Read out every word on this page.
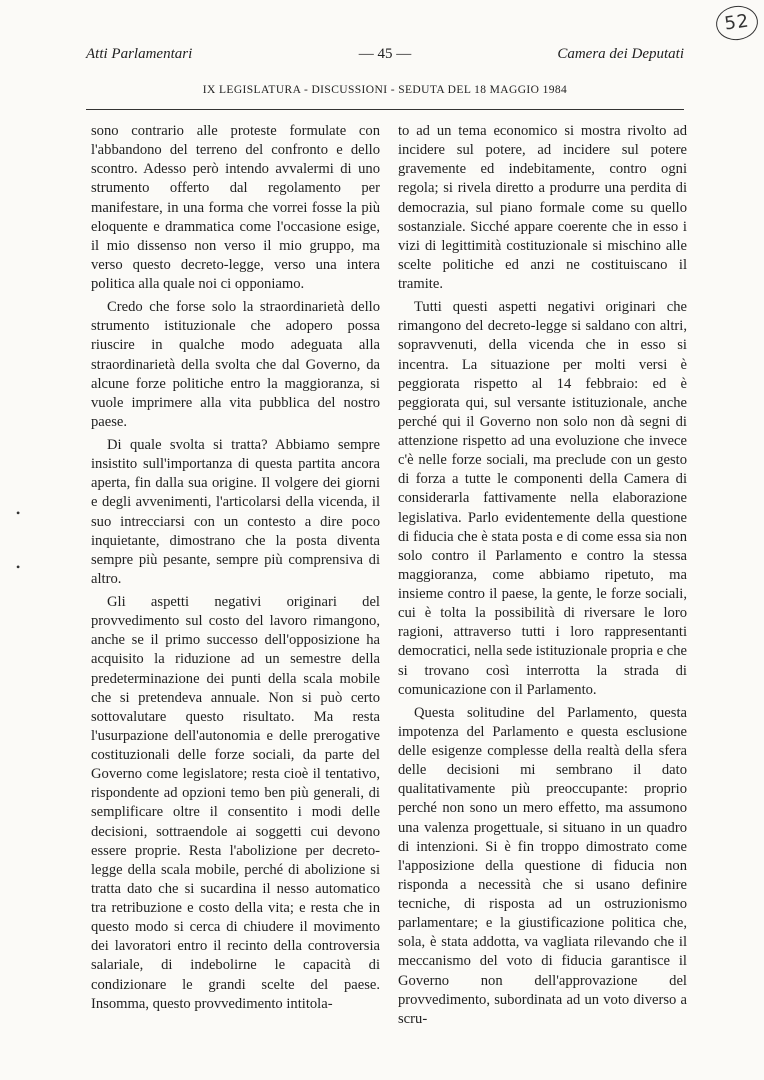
52
Atti Parlamentari	— 45 —	Camera dei Deputati
IX LEGISLATURA - DISCUSSIONI - SEDUTA DEL 18 MAGGIO 1984

sono contrario alle proteste formulate con l'abbandono del terreno del confronto e dello scontro. Adesso però intendo avvalermi di uno strumento offerto dal regolamento per manifestare, in una forma che vorrei fosse la più eloquente e drammatica come l'occasione esige, il mio dissenso non verso il mio gruppo, ma verso questo decreto-legge, verso una intera politica alla quale noi ci opponiamo.

Credo che forse solo la straordinarietà dello strumento istituzionale che adopero possa riuscire in qualche modo adeguata alla straordinarietà della svolta che dal Governo, da alcune forze politiche entro la maggioranza, si vuole imprimere alla vita pubblica del nostro paese.

Di quale svolta si tratta? Abbiamo sempre insistito sull'importanza di questa partita ancora aperta, fin dalla sua origine. Il volgere dei giorni e degli avvenimenti, l'articolarsi della vicenda, il suo intrecciarsi con un contesto a dire poco inquietante, dimostrano che la posta diventa sempre più pesante, sempre più comprensiva di altro.

Gli aspetti negativi originari del provvedimento sul costo del lavoro rimangono, anche se il primo successo dell'opposizione ha acquisito la riduzione ad un semestre della predeterminazione dei punti della scala mobile che si pretendeva annuale. Non si può certo sottovalutare questo risultato. Ma resta l'usurpazione dell'autonomia e delle prerogative costituzionali delle forze sociali, da parte del Governo come legislatore; resta cioè il tentativo, rispondente ad opzioni temo ben più generali, di semplificare oltre il consentito i modi delle decisioni, sottraendole ai soggetti cui devono essere proprie. Resta l'abolizione per decreto-legge della scala mobile, perché di abolizione si tratta dato che si sucardina il nesso automatico tra retribuzione e costo della vita; e resta che in questo modo si cerca di chiudere il movimento dei lavoratori entro il recinto della controversia salariale, di indebolirne le capacità di condizionare le grandi scelte del paese. Insomma, questo provvedimento intitola-

to ad un tema economico si mostra rivolto ad incidere sul potere, ad incidere sul potere gravemente ed indebitamente, contro ogni regola; si rivela diretto a produrre una perdita di democrazia, sul piano formale come su quello sostanziale. Sicché appare coerente che in esso i vizi di legittimità costituzionale si mischino alle scelte politiche ed anzi ne costituiscano il tramite.

Tutti questi aspetti negativi originari che rimangono del decreto-legge si saldano con altri, sopravvenuti, della vicenda che in esso si incentra. La situazione per molti versi è peggiorata rispetto al 14 febbraio: ed è peggiorata qui, sul versante istituzionale, anche perché qui il Governo non solo non dà segni di attenzione rispetto ad una evoluzione che invece c'è nelle forze sociali, ma preclude con un gesto di forza a tutte le componenti della Camera di considerarla fattivamente nella elaborazione legislativa. Parlo evidentemente della questione di fiducia che è stata posta e di come essa sia non solo contro il Parlamento e contro la stessa maggioranza, come abbiamo ripetuto, ma insieme contro il paese, la gente, le forze sociali, cui è tolta la possibilità di riversare le loro ragioni, attraverso tutti i loro rappresentanti democratici, nella sede istituzionale propria e che si trovano così interrotta la strada di comunicazione con il Parlamento.

Questa solitudine del Parlamento, questa impotenza del Parlamento e questa esclusione delle esigenze complesse della realtà della sfera delle decisioni mi sembrano il dato qualitativamente più preoccupante: proprio perché non sono un mero effetto, ma assumono una valenza progettuale, si situano in un quadro di intenzioni. Si è fin troppo dimostrato come l'apposizione della questione di fiducia non risponda a necessità che si usano definire tecniche, di risposta ad un ostruzionismo parlamentare; e la giustificazione politica che, sola, è stata addotta, va vagliata rilevando che il meccanismo del voto di fiducia garantisce il Governo non dell'approvazione del provvedimento, subordinata ad un voto diverso a scru-

•
•
